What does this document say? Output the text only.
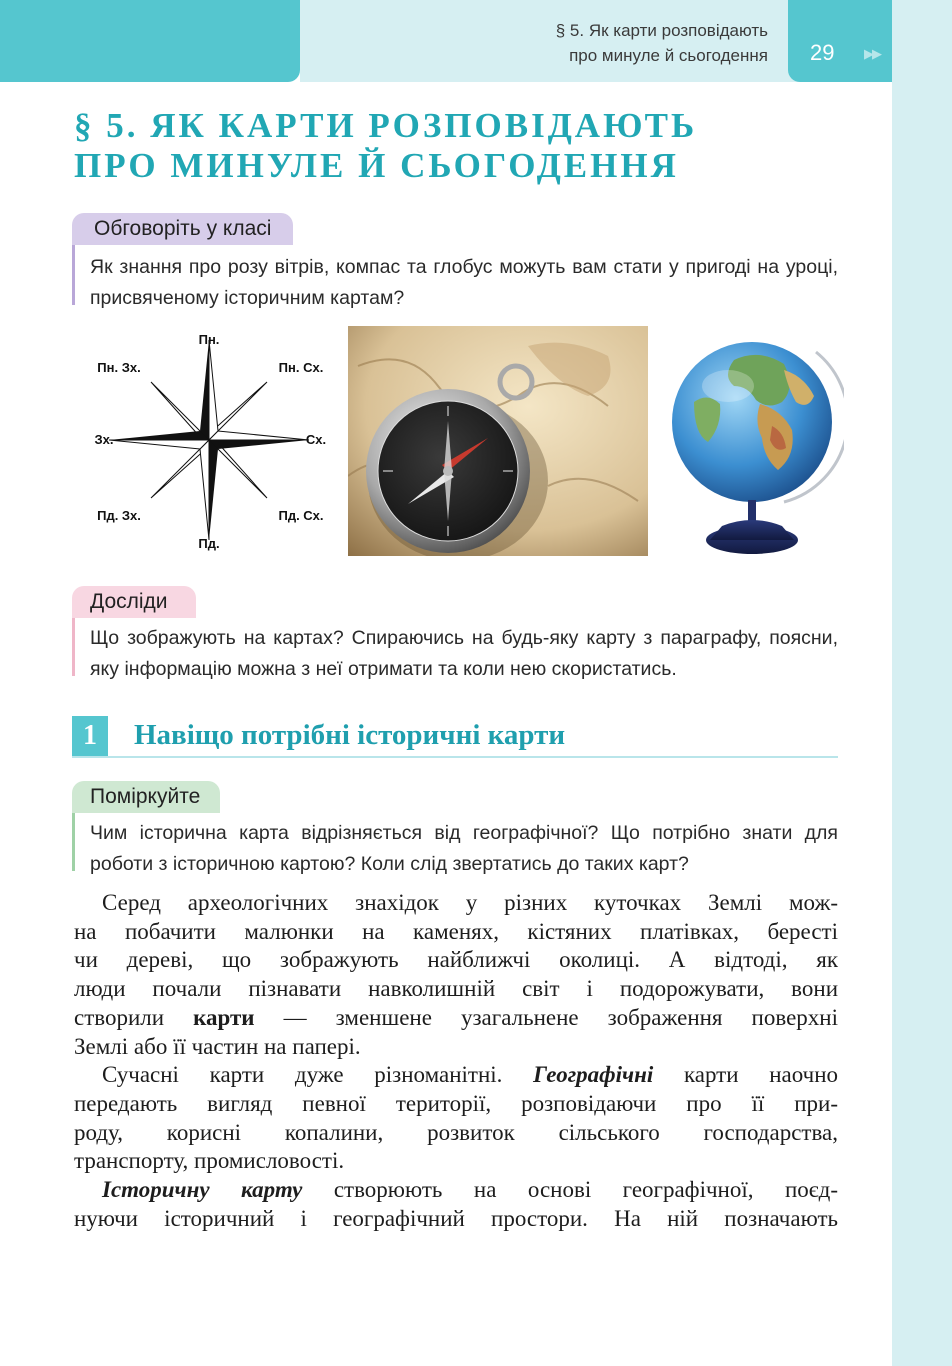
§ 5. Як карти розповідають
про минуле й сьогодення 29 ▶▶
§ 5. ЯК КАРТИ РОЗПОВІДАЮТЬ
ПРО МИНУЛЕ Й СЬОГОДЕННЯ
Обговоріть у класі
Як знання про розу вітрів, компас та глобус можуть вам стати у пригоді на уроці, присвяченому історичним картам?
Пн.
Пн. Зх.	Пн. Сх.
Зх.	Сх.
Пд. Зх.	Пд. Сх.
Пд.
Досліди
Що зображують на картах? Спираючись на будь-яку карту з параграфу, поясни, яку інформацію можна з неї отримати та коли нею скористатись.
1	Навіщо потрібні історичні карти
Поміркуйте
Чим історична карта відрізняється від географічної? Що потрібно знати для роботи з історичною картою? Коли слід звертатись до таких карт?

Серед археологічних знахідок у різних куточках Землі мож-

на побачити малюнки на каменях, кістяних платівках, бересті

чи дереві, що зображують найближчі околиці. А відтоді, як

люди почали пізнавати навколишній світ і подорожувати, вони

створили карти — зменшене узагальнене зображення поверхні

Землі або її частин на папері.

Сучасні карти дуже різноманітні. Географічні карти наочно

передають вигляд певної території, розповідаючи про її при-

роду, корисні копалини, розвиток сільського господарства,

транспорту, промисловості.

Історичну карту створюють на основі географічної, поєд-

нуючи історичний і географічний простори. На ній позначають
